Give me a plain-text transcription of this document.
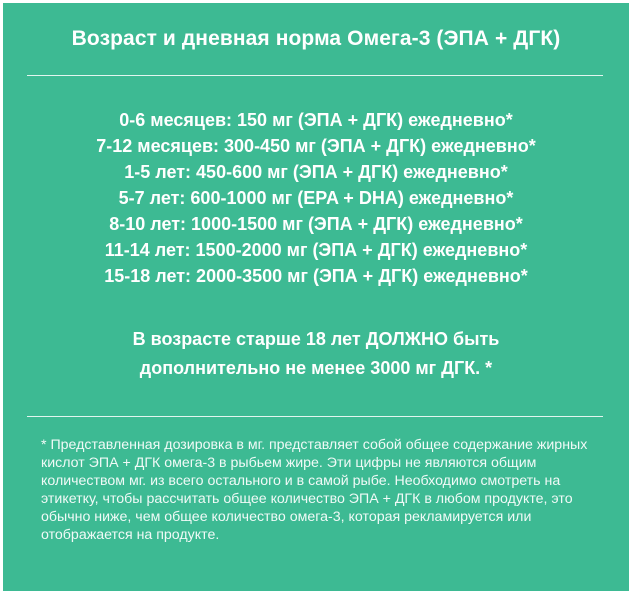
Возраст и дневная норма Омега-3 (ЭПА + ДГК)
0-6 месяцев: 150 мг (ЭПА + ДГК) ежедневно*
7-12 месяцев: 300-450 мг (ЭПА + ДГК) ежедневно*
1-5 лет: 450-600 мг (ЭПА + ДГК) ежедневно*
5-7 лет: 600-1000 мг (EPA + DHA) ежедневно*
8-10 лет: 1000-1500 мг (ЭПА + ДГК) ежедневно*
11-14 лет: 1500-2000 мг (ЭПА + ДГК) ежедневно*
15-18 лет: 2000-3500 мг (ЭПА + ДГК) ежедневно*
В возрасте старше 18 лет ДОЛЖНО быть
дополнительно не менее 3000 мг ДГК. *
* Представленная дозировка в мг. представляет собой общее содержание жирных кислот ЭПА + ДГК омега-3 в рыбьем жире. Эти цифры не являются общим количеством мг. из всего остального и в самой рыбе. Необходимо смотреть на этикетку, чтобы рассчитать общее количество ЭПА + ДГК в любом продукте, это обычно ниже, чем общее количество омега-3, которая рекламируется или отображается на продукте.
